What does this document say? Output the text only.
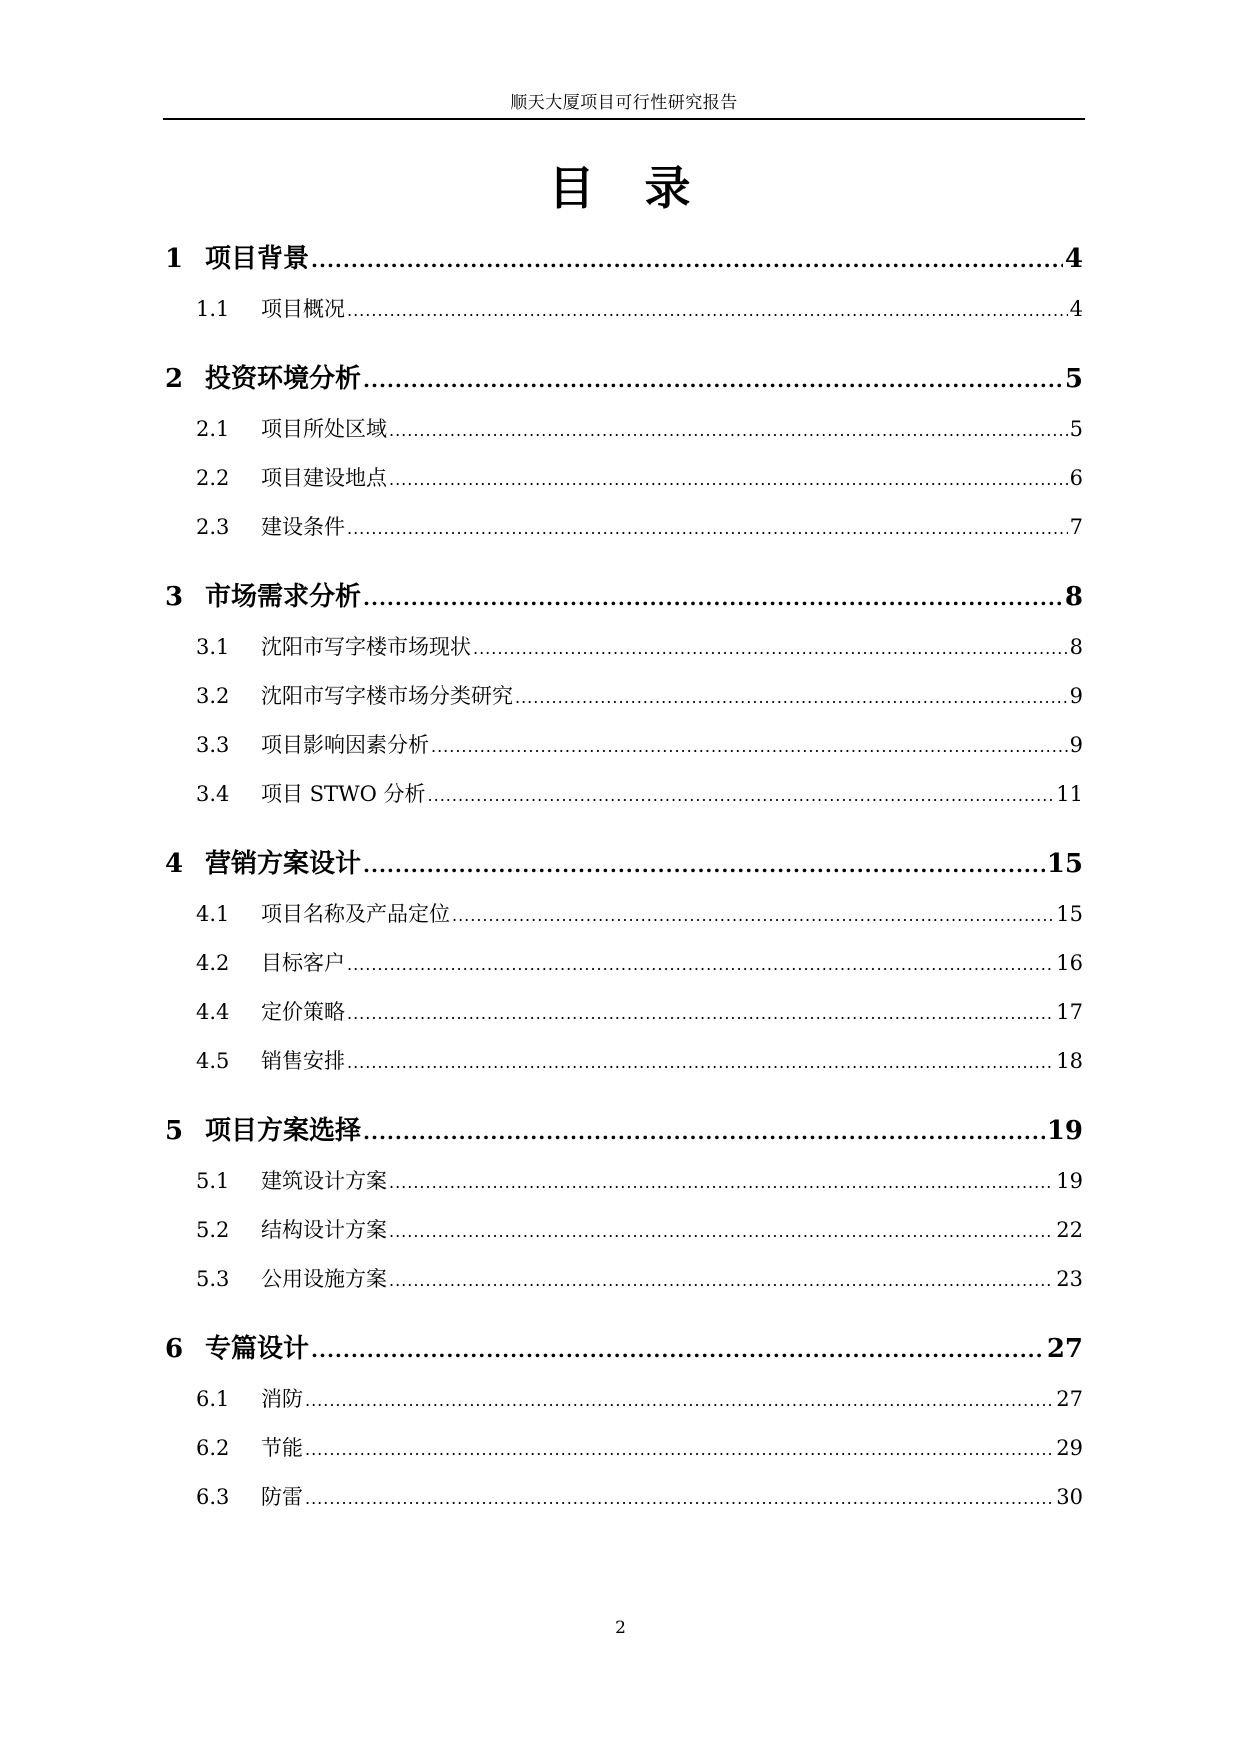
顺天大厦项目可行性研究报告
目　录
1 项目背景 .....	4
1.1	项目概况 .....	4
2 投资环境分析 .....	5
2.1	项目所处区域 .....	5
2.2	项目建设地点 .....	6
2.3	建设条件 .....	7
3 市场需求分析 .....	8
3.1	沈阳市写字楼市场现状 .....	8
3.2	沈阳市写字楼市场分类研究 .....	9
3.3	项目影响因素分析 .....	9
3.4	项目 STWO 分析 .....	11
4 营销方案设计 .....	15
4.1	项目名称及产品定位 .....	15
4.2	目标客户 .....	16
4.4	定价策略 .....	17
4.5	销售安排 .....	18
5 项目方案选择 .....	19
5.1	建筑设计方案 .....	19
5.2	结构设计方案 .....	22
5.3	公用设施方案 .....	23
6 专篇设计 .....	27
6.1	消防 .....	27
6.2	节能 .....	29
6.3	防雷 .....	30
2
